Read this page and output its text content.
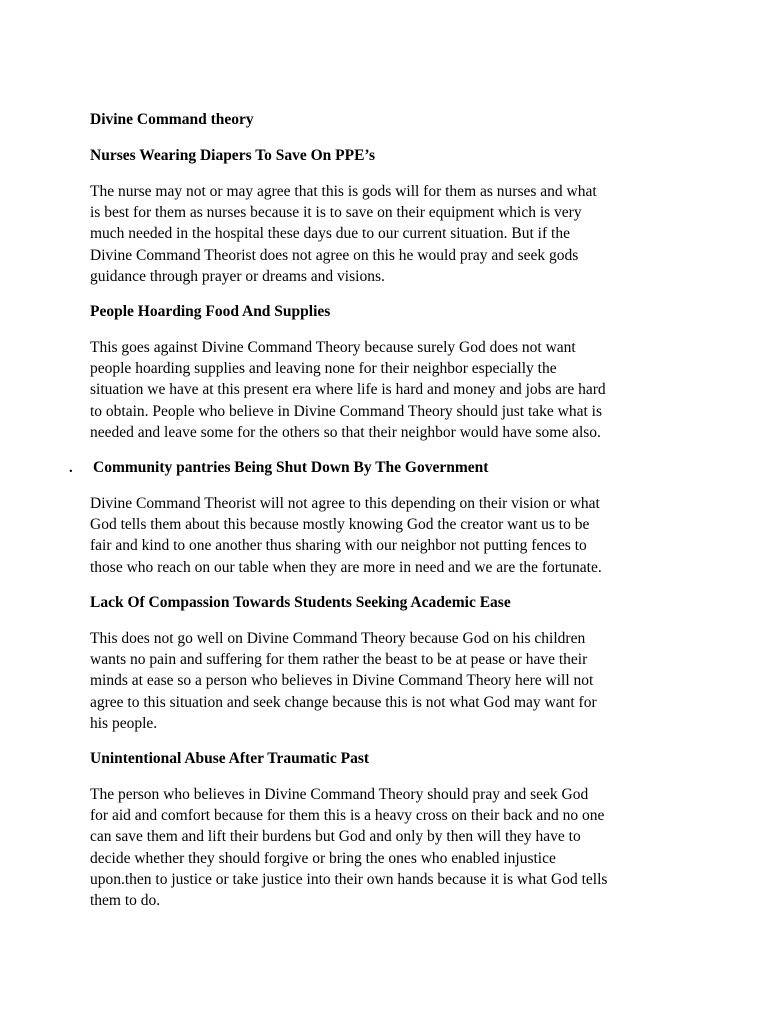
Divine Command theory
Nurses Wearing Diapers To Save On PPE’s
The nurse may not or may agree that this is gods will for them as nurses and what
is best for them as nurses because it is to save on their equipment which is very
much needed in the hospital these days due to our current situation. But if the
Divine Command Theorist does not agree on this he would pray and seek gods
guidance through prayer or dreams and visions.
People Hoarding Food And Supplies
This goes against Divine Command Theory because surely God does not want
people hoarding supplies and leaving none for their neighbor especially the
situation we have at this present era where life is hard and money and jobs are hard
to obtain. People who believe in Divine Command Theory should just take what is
needed and leave some for the others so that their neighbor would have some also.
. Community pantries Being Shut Down By The Government
Divine Command Theorist will not agree to this depending on their vision or what
God tells them about this because mostly knowing God the creator want us to be
fair and kind to one another thus sharing with our neighbor not putting fences to
those who reach on our table when they are more in need and we are the fortunate.
Lack Of Compassion Towards Students Seeking Academic Ease
This does not go well on Divine Command Theory because God on his children
wants no pain and suffering for them rather the beast to be at pease or have their
minds at ease so a person who believes in Divine Command Theory here will not
agree to this situation and seek change because this is not what God may want for
his people.
Unintentional Abuse After Traumatic Past
The person who believes in Divine Command Theory should pray and seek God
for aid and comfort because for them this is a heavy cross on their back and no one
can save them and lift their burdens but God and only by then will they have to
decide whether they should forgive or bring the ones who enabled injustice
upon.then to justice or take justice into their own hands because it is what God tells
them to do.
